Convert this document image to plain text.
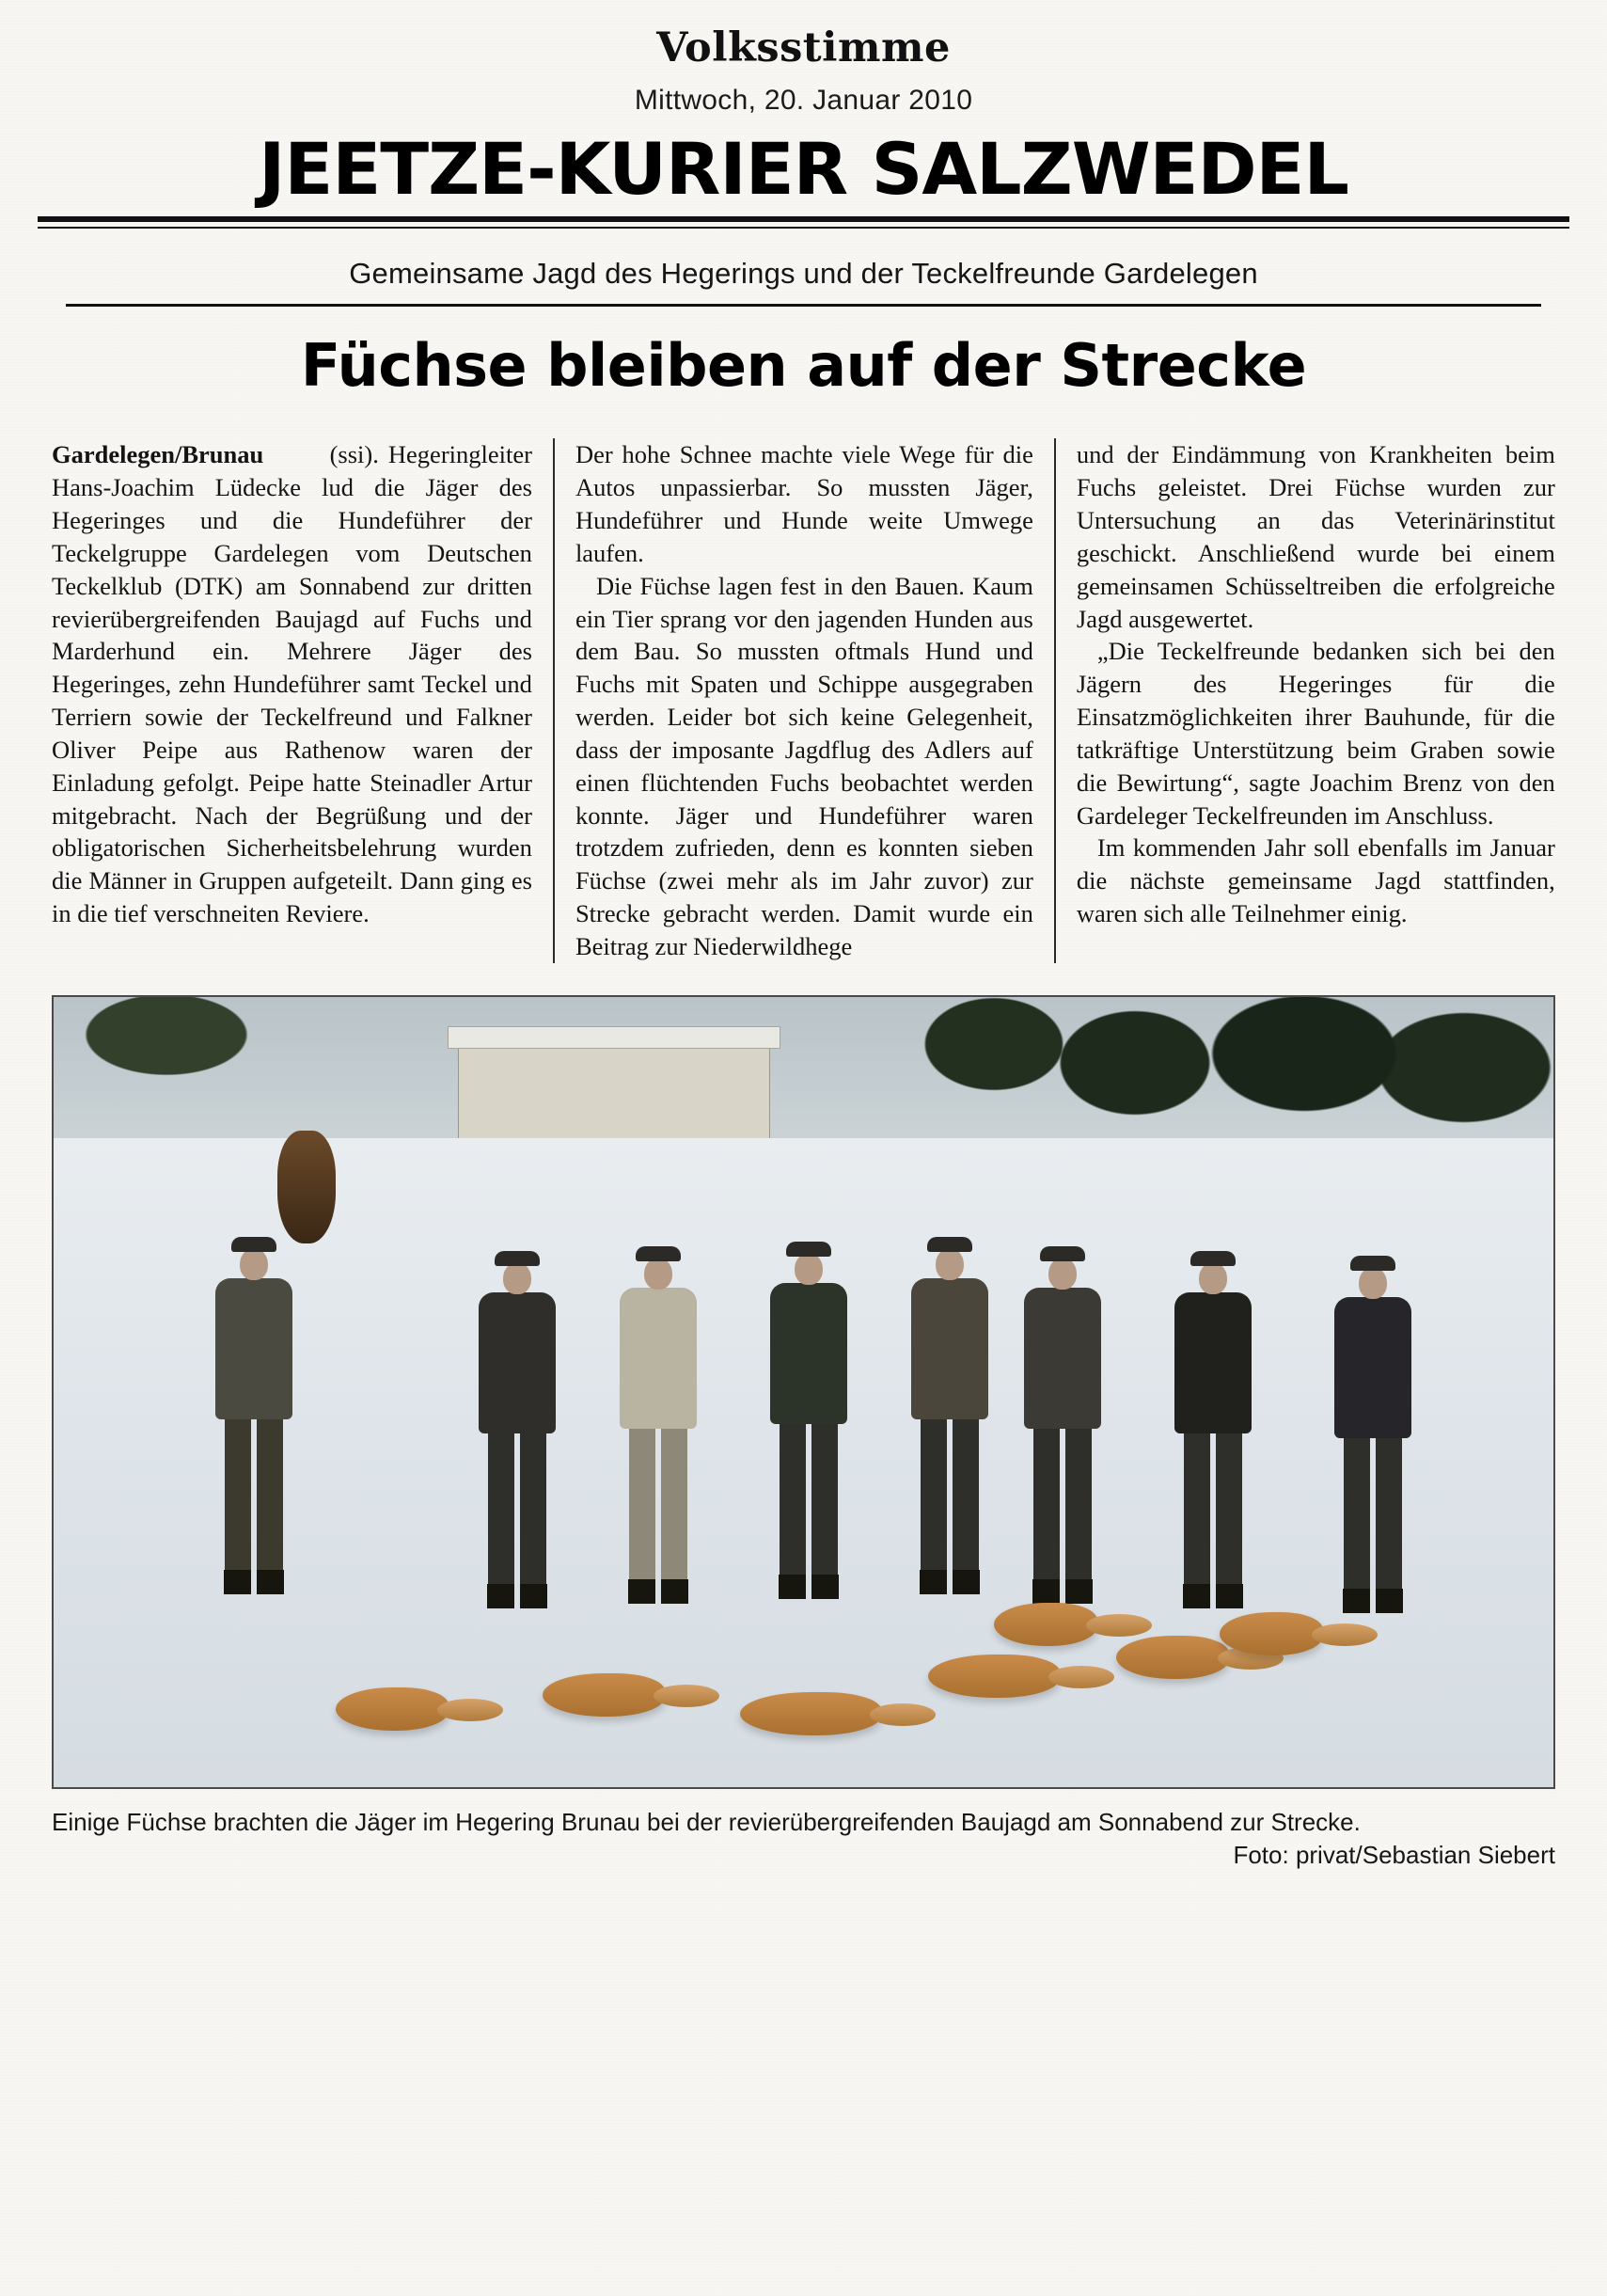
Volksstimme
Mittwoch, 20. Januar 2010
JEETZE-KURIER SALZWEDEL
Gemeinsame Jagd des Hegerings und der Teckelfreunde Gardelegen
Füchse bleiben auf der Strecke

Gardelegen/Brunau	(ssi). Hegeringleiter Hans-Joachim Lüdecke lud die Jäger des Hegeringes und die Hundeführer der Teckelgruppe Gardelegen vom Deutschen Teckelklub (DTK) am Sonnabend zur dritten revierübergreifenden Baujagd auf Fuchs und Marderhund ein. Mehrere Jäger des Hegeringes, zehn Hundeführer samt Teckel und Terriern sowie der Teckelfreund und Falkner Oliver Peipe aus Rathenow waren der Einladung gefolgt. Peipe hatte Steinadler Artur mitgebracht. Nach der Begrüßung und der obligatorischen Sicherheitsbelehrung wurden die Männer in Gruppen aufgeteilt. Dann ging es in die tief verschneiten Reviere.

Der hohe Schnee machte viele Wege für die Autos unpassierbar. So mussten Jäger, Hundeführer und Hunde weite Umwege laufen.

Die Füchse lagen fest in den Bauen. Kaum ein Tier sprang vor den jagenden Hunden aus dem Bau. So mussten oftmals Hund und Fuchs mit Spaten und Schippe ausgegraben werden. Leider bot sich keine Gelegenheit, dass der imposante Jagdflug des Adlers auf einen flüchtenden Fuchs beobachtet werden konnte. Jäger und Hundeführer waren trotzdem zufrieden, denn es konnten sieben Füchse (zwei mehr als im Jahr zuvor) zur Strecke gebracht werden. Damit wurde ein Beitrag zur Niederwildhege

und der Eindämmung von Krankheiten beim Fuchs geleistet. Drei Füchse wurden zur Untersuchung an das Veterinärinstitut geschickt. Anschließend wurde bei einem gemeinsamen Schüsseltreiben die erfolgreiche Jagd ausgewertet.

„Die Teckelfreunde bedanken sich bei den Jägern des Hegeringes für die Einsatzmöglichkeiten ihrer Bauhunde, für die tatkräftige Unterstützung beim Graben sowie die Bewirtung“, sagte Joachim Brenz von den Gardeleger Teckelfreunden im Anschluss.

Im kommenden Jahr soll ebenfalls im Januar die nächste gemeinsame Jagd stattfinden, waren sich alle Teilnehmer einig.

Einige Füchse brachten die Jäger im Hegering Brunau bei der revierübergreifenden Baujagd am Sonnabend zur Strecke.
Foto: privat/Sebastian Siebert
